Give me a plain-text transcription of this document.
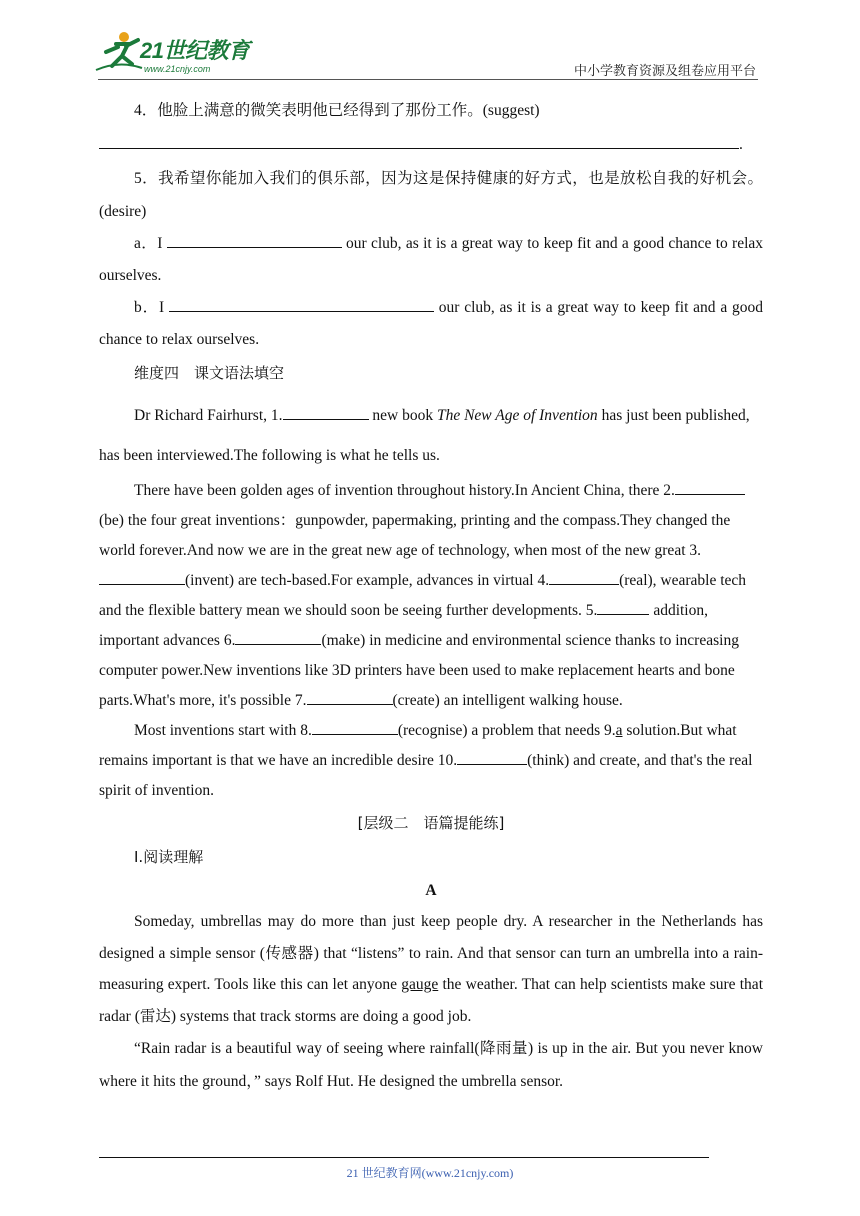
21世纪教育
www.21cnjy.com	中小学教育资源及组卷应用平台

4．他脸上满意的微笑表明他已经得到了那份工作。(suggest)

.

5．我希望你能加入我们的俱乐部，因为这是保持健康的好方式，也是放松自我的好机会。(desire)

a．I	our club, as it is a great way to keep fit and a good chance to relax ourselves.

b．I	our club, as it is a great way to keep fit and a good chance to relax ourselves.

维度四　课文语法填空

Dr Richard Fairhurst, 1.	new book The New Age of Invention has just been published, has been interviewed.The following is what he tells us.

There have been golden ages of invention throughout history.In Ancient China, there 2.(be) the four great inventions：gunpowder, papermaking, printing and the compass.They changed the world forever.And now we are in the great new age of technology, when most of the new great 3.(invent) are tech-based.For example, advances in virtual 4.	(real), wearable tech and the flexible battery mean we should soon be seeing further developments. 5.	addition, important advances 6.	(make) in medicine and environmental science thanks to increasing computer power.New inventions like 3D printers have been used to make replacement hearts and bone parts.What's more, it's possible 7.	(create) an intelligent walking house.

Most inventions start with 8.	(recognise) a problem that needs 9.a solution.But what remains important is that we have an incredible desire 10.	(think) and create, and that's the real spirit of invention.

[层级二　语篇提能练]

Ⅰ.阅读理解

A

Someday, umbrellas may do more than just keep people dry. A researcher in the Netherlands has designed a simple sensor (传感器) that “listens” to rain. And that sensor can turn an umbrella into a rain-measuring expert. Tools like this can let anyone gauge the weather. That can help scientists make sure that radar (雷达) systems that track storms are doing a good job.

“Rain radar is a beautiful way of seeing where rainfall(降雨量) is up in the air. But you never know where it hits the ground，” says Rolf Hut. He designed the umbrella sensor.

21 世纪教育网(www.21cnjy.com)
